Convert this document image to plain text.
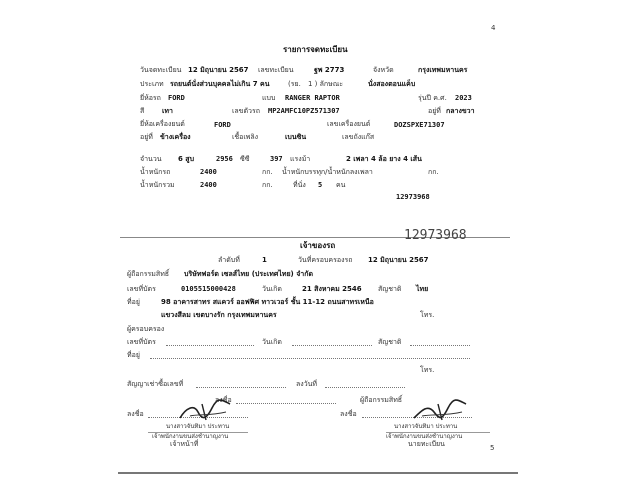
4
5
รายการจดทะเบียน
วันจดทะเบียน 12 มิถุนายน 2567 เลขทะเบียน	ฐพ 2773	จังหวัด	กรุงเทพมหานคร
ประเภท รถยนต์นั่งส่วนบุคคลไม่เกิน 7 คน	(รย. 1 ) ลักษณะ	นั่งสองตอนแค็บ
ยี่ห้อรถ FORD	แบบ RANGER RAPTOR	รุ่นปี ค.ศ. 2023
สี	เทา	เลขตัวรถ MP2AMFC10PZ571307	อยู่ที่ กลางขวา
ยี่ห้อเครื่องยนต์	FORD	เลขเครื่องยนต์	DOZSPXE71307
อยู่ที่ ข้างเครื่อง	เชื้อเพลิง	เบนซิน	เลขถังแก๊ส
จำนวน 6 สูบ	2956 ซีซี	397 แรงม้า	2 เพลา 4 ล้อ ยาง 4 เส้น
น้ำหนักรถ	2400	กก. น้ำหนักบรรทุก/น้ำหนักลงเพลา	กก.
น้ำหนักรวม	2400	กก.	ที่นั่ง 5 คน
12973968
12973968
เจ้าของรถ
ลำดับที่	1	วันที่ครอบครองรถ 12 มิถุนายน 2567
ผู้ถือกรรมสิทธิ์ บริษัทฟอร์ด เซลส์ไทย (ประเทศไทย) จำกัด
เลขที่บัตร	0105515000428	วันเกิด	21 สิงหาคม 2546 สัญชาติ ไทย
ที่อยู่	98 อาคารสาทร สแควร์ ออฟฟิศ ทาวเวอร์ ชั้น 11-12 ถนนสาทรเหนือ
แขวงสีลม เขตบางรัก กรุงเทพมหานคร	โทร.
ผู้ครอบครอง
เลขที่บัตร	วันเกิด	สัญชาติ
ที่อยู่
โทร.
สัญญาเช่าซื้อเลขที่	ลงวันที่
ลงชื่อ	ผู้ถือกรรมสิทธิ์
ลงชื่อ	ลงชื่อ
นางสาวจันทิมา ประทาน
เจ้าพนักงานขนส่งชำนาญงาน
เจ้าหน้าที่
นางสาวจันทิมา ประทาน
เจ้าพนักงานขนส่งชำนาญงาน
นายทะเบียน
